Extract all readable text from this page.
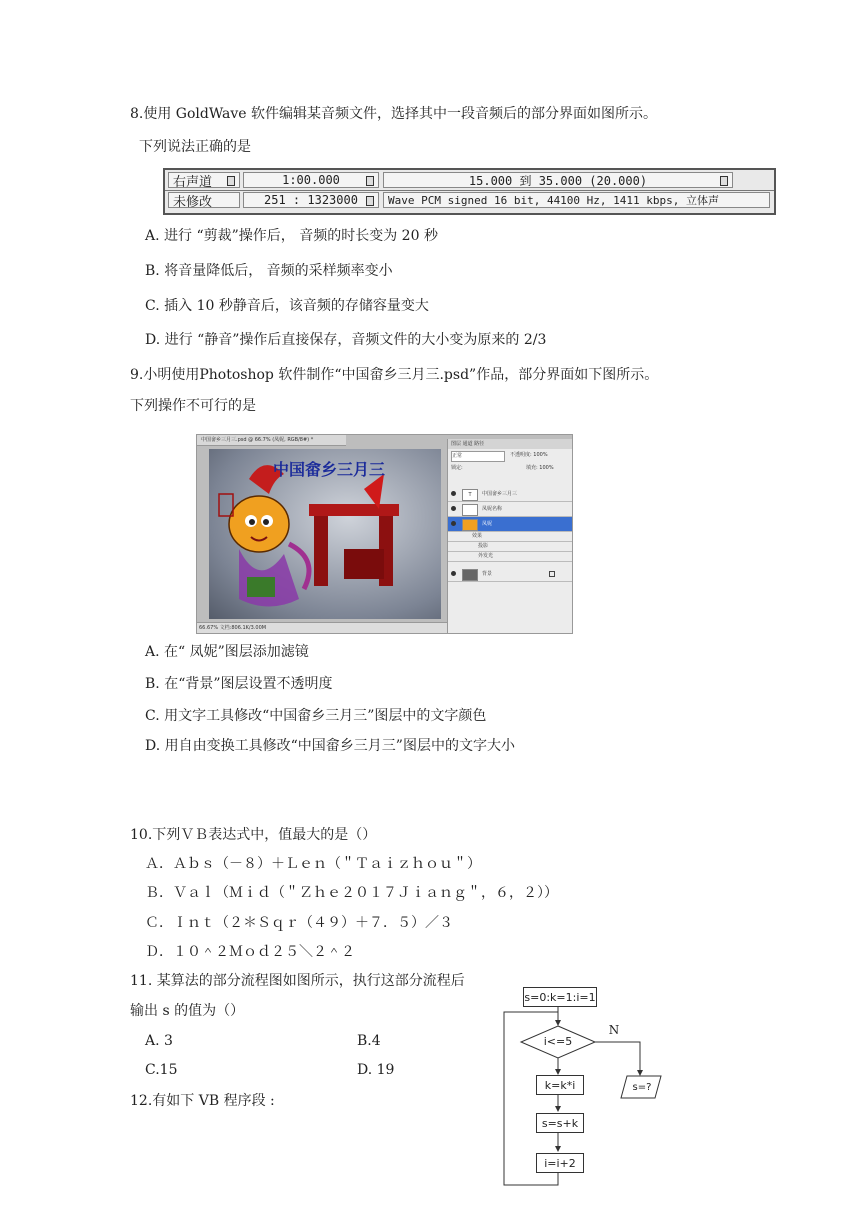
8.使用 GoldWave 软件编辑某音频文件，选择其中一段音频后的部分界面如图所示。
下列说法正确的是
右声道	1:00.000	15.000 到 35.000 (20.000)
未修改	251 : 1323000	Wave PCM signed 16 bit, 44100 Hz, 1411 kbps, 立体声
A. 进行 “剪裁”操作后， 音频的时长变为 20 秒
B. 将音量降低后， 音频的采样频率变小
C. 插入 10 秒静音后，该音频的存储容量变大
D. 进行 “静音”操作后直接保存，音频文件的大小变为原来的 2/3
9.小明使用Photoshop 软件制作“中国畲乡三月三.psd”作品，部分界面如下图所示。
下列操作不可行的是
中国畲乡三月三.psd @ 66.7% (凤妮, RGB/8#) *
中国畲乡三月三
66.67% 文档:806.1K/3.00M
图层 通道 路径
正常	不透明度: 100%
锁定:	填充: 100%
T	中国畲乡三月三
凤妮名称
凤妮
效果
投影
外发光
背景
A. 在“ 凤妮”图层添加滤镜
B. 在“背景”图层设置不透明度
C. 用文字工具修改“中国畲乡三月三”图层中的文字颜色
D. 用自由变换工具修改“中国畲乡三月三”图层中的文字大小
10.下列ＶＢ表达式中，值最大的是（）
Ａ．Ａｂｓ（－８）＋Ｌｅｎ（＂Ｔａｉｚｈｏｕ＂）
Ｂ．Ｖａｌ（Ｍｉｄ（＂Ｚｈｅ２０１７Ｊｉａｎｇ＂，６，２））
Ｃ．Ｉｎｔ（２＊Ｓｑｒ（４９）＋７．５）／３
Ｄ．１０＾２Ｍｏｄ２５＼２＾２
11. 某算法的部分流程图如图所示，执行这部分流程后
输出 s 的值为（）
A. 3	B.4
C.15	D. 19
12.有如下 VB 程序段 :
s=0:k=1:i=1
i<=5
N
k=k*i
s=s+k
i=i+2
s=?
